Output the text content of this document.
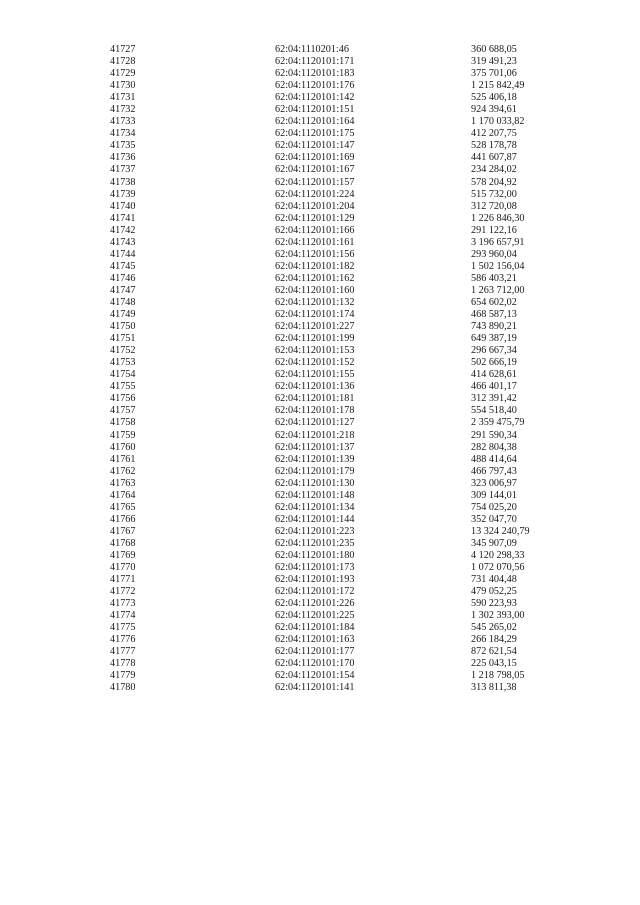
41727	62:04:1110201:46	360 688,05
41728	62:04:1120101:171	319 491,23
41729	62:04:1120101:183	375 701,06
41730	62:04:1120101:176	1 215 842,49
41731	62:04:1120101:142	525 406,18
41732	62:04:1120101:151	924 394,61
41733	62:04:1120101:164	1 170 033,82
41734	62:04:1120101:175	412 207,75
41735	62:04:1120101:147	528 178,78
41736	62:04:1120101:169	441 607,87
41737	62:04:1120101:167	234 284,02
41738	62:04:1120101:157	578 204,92
41739	62:04:1120101:224	515 732,00
41740	62:04:1120101:204	312 720,08
41741	62:04:1120101:129	1 226 846,30
41742	62:04:1120101:166	291 122,16
41743	62:04:1120101:161	3 196 657,91
41744	62:04:1120101:156	293 960,04
41745	62:04:1120101:182	1 502 156,04
41746	62:04:1120101:162	586 403,21
41747	62:04:1120101:160	1 263 712,00
41748	62:04:1120101:132	654 602,02
41749	62:04:1120101:174	468 587,13
41750	62:04:1120101:227	743 890,21
41751	62:04:1120101:199	649 387,19
41752	62:04:1120101:153	296 667,34
41753	62:04:1120101:152	502 666,19
41754	62:04:1120101:155	414 628,61
41755	62:04:1120101:136	466 401,17
41756	62:04:1120101:181	312 391,42
41757	62:04:1120101:178	554 518,40
41758	62:04:1120101:127	2 359 475,79
41759	62:04:1120101:218	291 590,34
41760	62:04:1120101:137	282 804,38
41761	62:04:1120101:139	488 414,64
41762	62:04:1120101:179	466 797,43
41763	62:04:1120101:130	323 006,97
41764	62:04:1120101:148	309 144,01
41765	62:04:1120101:134	754 025,20
41766	62:04:1120101:144	352 047,70
41767	62:04:1120101:223	13 324 240,79
41768	62:04:1120101:235	345 907,09
41769	62:04:1120101:180	4 120 298,33
41770	62:04:1120101:173	1 072 070,56
41771	62:04:1120101:193	731 404,48
41772	62:04:1120101:172	479 052,25
41773	62:04:1120101:226	590 223,93
41774	62:04:1120101:225	1 302 393,00
41775	62:04:1120101:184	545 265,02
41776	62:04:1120101:163	266 184,29
41777	62:04:1120101:177	872 621,54
41778	62:04:1120101:170	225 043,15
41779	62:04:1120101:154	1 218 798,05
41780	62:04:1120101:141	313 811,38
